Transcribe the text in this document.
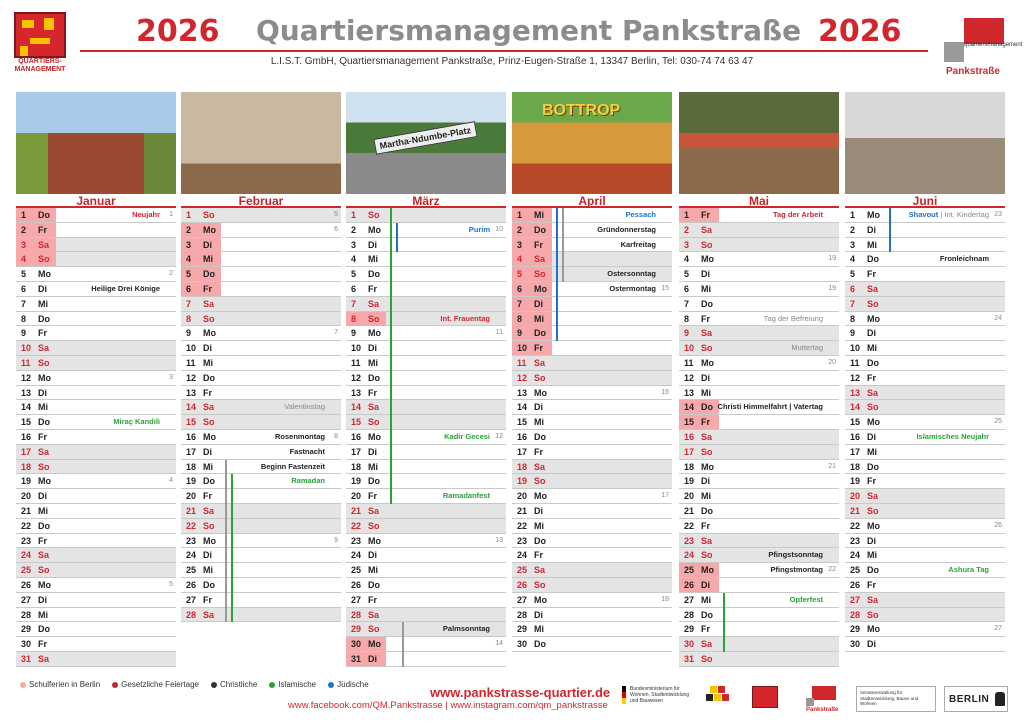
QUARTIERS- MANAGEMENT
2026 Quartiersmanagement Pankstraße 2026
L.I.S.T. GmbH, Quartiersmanagement Pankstraße, Prinz-Eugen-Straße 1, 13347 Berlin, Tel: 030-74 74 63 47
quartiersmanagement
Pankstraße
Januar
1	Do	Neujahr 1
2	Fr
3	Sa
4	So
5	Mo	2
6	Di	Heilige Drei Könige
7	Mi
8	Do
9	Fr
10 Sa
11 So
12 Mo	3
13 Di
14 Mi
15 Do	Miraç Kandili
16 Fr
17 Sa
18 So
19 Mo	4
20 Di
21 Mi
22 Do
23 Fr
24 Sa
25 So
26 Mo	5
27 Di
28 Mi
29 Do
30 Fr
31 Sa
Februar
1	So	5
2	Mo	6
3	Di
4	Mi
5	Do
6	Fr
7	Sa
8	So
9	Mo	7
10 Di
11 Mi
12 Do
13 Fr
14 Sa	Valentinstag
15 So
16 Mo	Rosenmontag 8
17 Di	Fastnacht
18 Mi	Beginn Fastenzeit
19 Do	Ramadan
20 Fr
21 Sa
22 So
23 Mo	9
24 Di
25 Mi
26 Do
27 Fr
28 Sa
Martha-Ndumbe-Platz
März
1	So
2	Mo	Purim 10
3	Di
4	Mi
5	Do
6	Fr
7	Sa
8	So	Int. Frauentag
9	Mo	11
10 Di
11 Mi
12 Do
13 Fr
14 Sa
15 So
16 Mo	Kadir Gecesi 12
17 Di
18 Mi
19 Do
20 Fr	Ramadanfest
21 Sa
22 So
23 Mo	13
24 Di
25 Mi
26 Do
27 Fr
28 Sa
29 So	Palmsonntag
30 Mo	14
31 Di
BOTTROP
April
1	Mi	Pessach
2	Do	Gründonnerstag
3	Fr	Karfreitag
4	Sa
5	So	Ostersonntag
6	Mo	Ostermontag 15
7	Di
8	Mi
9	Do
10 Fr
11 Sa
12 So
13 Mo	16
14 Di
15 Mi
16 Do
17 Fr
18 Sa
19 So
20 Mo	17
21 Di
22 Mi
23 Do
24 Fr
25 Sa
26 So
27 Mo	18
28 Di
29 Mi
30 Do
Mai
1	Fr	Tag der Arbeit
2	Sa
3	So
4	Mo	19
5	Di
6	Mi	19
7	Do
8	Fr	Tag der Befreiung
9	Sa
10 So	Muttertag
11 Mo	20
12 Di
13 Mi
14 Do Christi Himmelfahrt | Vatertag
15 Fr
16 Sa
17 So
18 Mo	21
19 Di
20 Mi
21 Do
22 Fr
23 Sa
24 So	Pfingstsonntag
25 Mo	Pfingstmontag 22
26 Di
27 Mi	Opferfest
28 Do
29 Fr
30 Sa
31 So
Juni
1	Mo	Shavout | Int. Kindertag 23
2	Di
3	Mi
4	Do	Fronleichnam
5	Fr
6	Sa
7	So
8	Mo	24
9	Di
10 Mi
11 Do
12 Fr
13 Sa
14 So
15 Mo	25
16 Di	Islamisches Neujahr
17 Mi
18 Do
19 Fr
20 Sa
21 So
22 Mo	26
23 Di
24 Mi
25 Do	Ashura Tag
26 Fr
27 Sa
28 So
29 Mo	27
30 Di
Schulferien in Berlin	Gesetzliche Feiertage	Christliche	Islamische	Jüdische
www.pankstrasse-quartier.de
www.facebook.com/QM.Pankstrasse | www.instagram.com/qm_pankstrasse
Bundesministerium für Wohnen, Stadtentwicklung und Bauwesen
Pankstraße
Senatsverwaltung für Stadtentwicklung, Bauen und Wohnen	BERLIN
